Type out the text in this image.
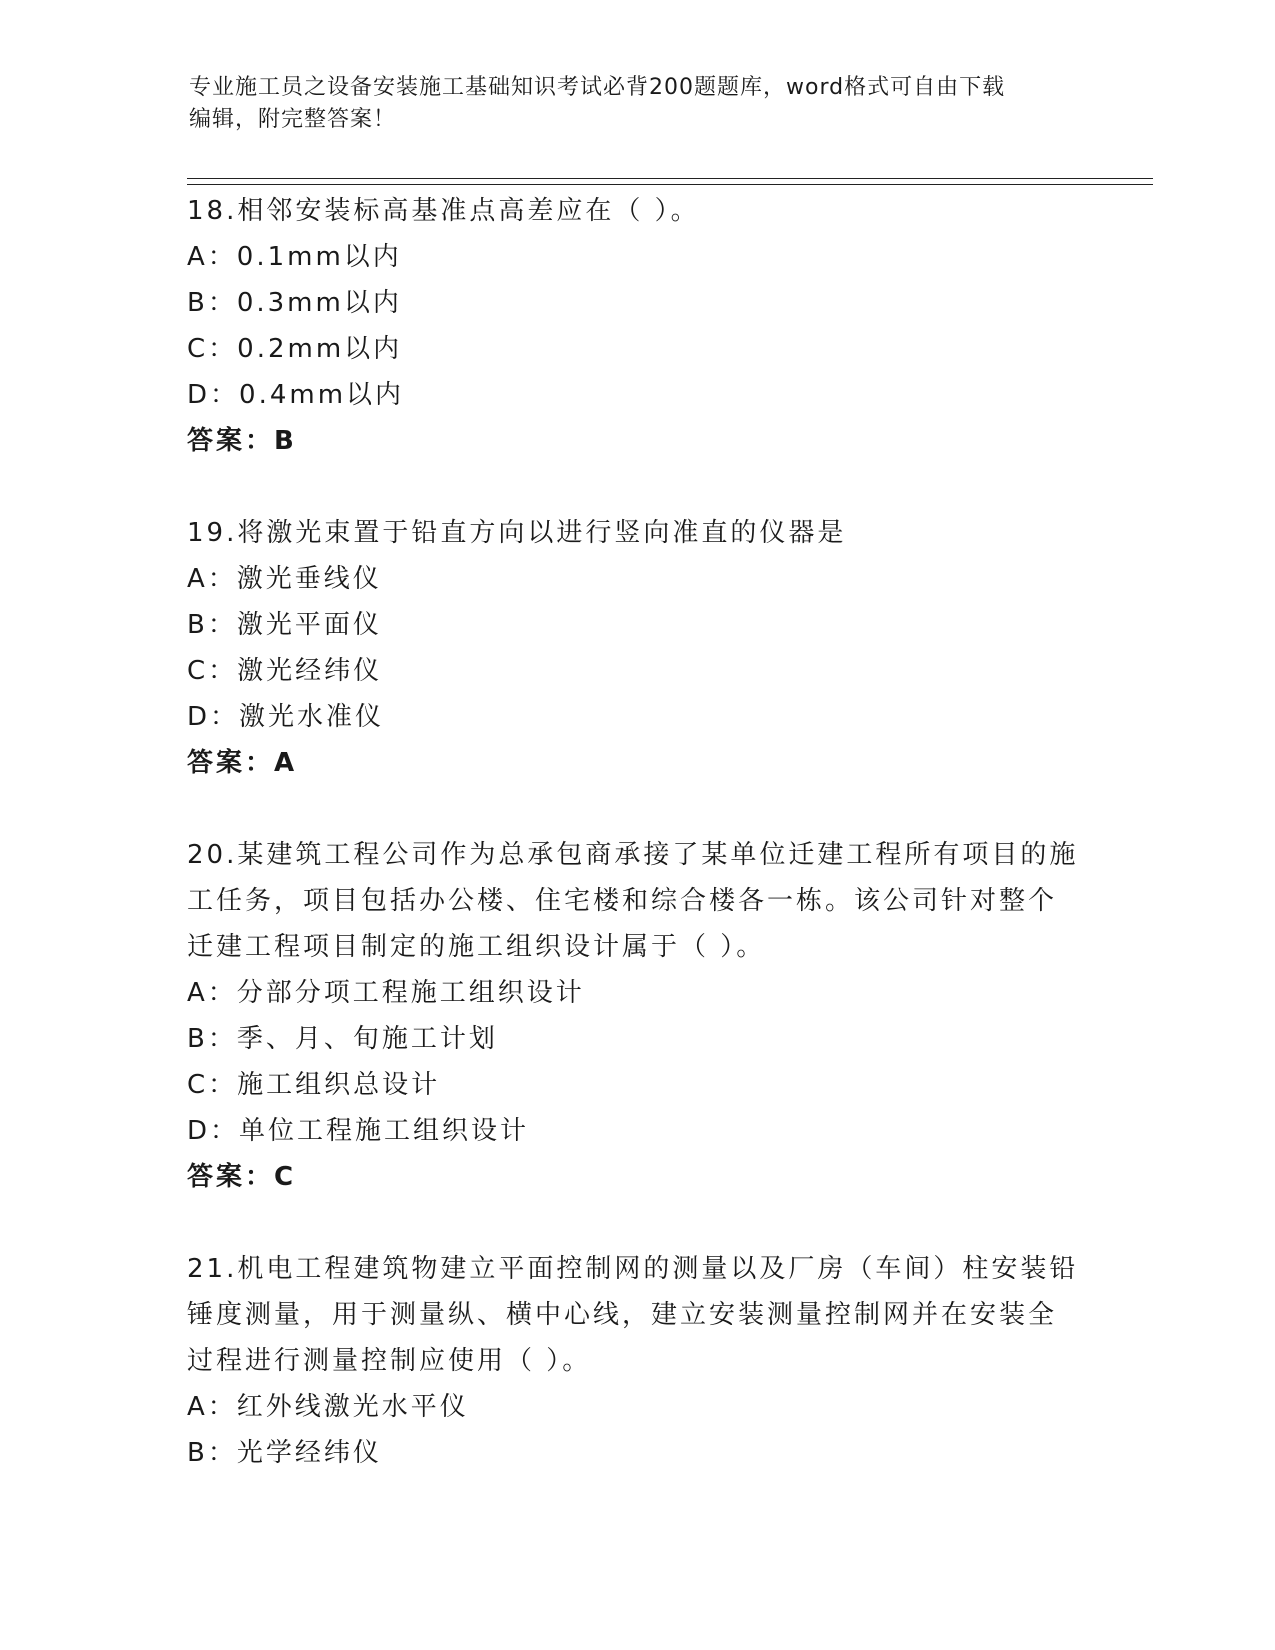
专业施工员之设备安装施工基础知识考试必背200题题库，word格式可自由下载
编辑，附完整答案！
18.相邻安装标高基准点高差应在（ ）。
A：0.1mm以内
B：0.3mm以内
C：0.2mm以内
D：0.4mm以内
答案：B
19.将激光束置于铅直方向以进行竖向准直的仪器是
A：激光垂线仪
B：激光平面仪
C：激光经纬仪
D：激光水准仪
答案：A
20.某建筑工程公司作为总承包商承接了某单位迁建工程所有项目的施
工任务，项目包括办公楼、住宅楼和综合楼各一栋。该公司针对整个
迁建工程项目制定的施工组织设计属于（ ）。
A：分部分项工程施工组织设计
B：季、月、旬施工计划
C：施工组织总设计
D：单位工程施工组织设计
答案：C
21.机电工程建筑物建立平面控制网的测量以及厂房（车间）柱安装铅
锤度测量，用于测量纵、横中心线，建立安装测量控制网并在安装全
过程进行测量控制应使用（ ）。
A：红外线激光水平仪
B：光学经纬仪
